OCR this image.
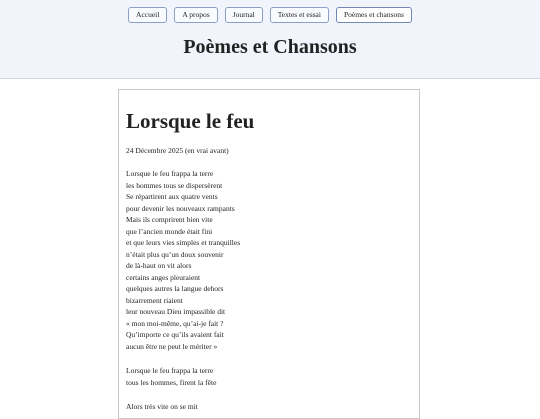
Accueil	A propos	Journal	Textes et essai	Poèmes et chansons
Poèmes et Chansons
Lorsque le feu
24 Décembre 2025 (en vrai avant)
Lorsque le feu frappa la terre
les hommes tous se dispersèrent
Se répartirent aux quatre vents
pour devenir les nouveaux rampants
Mais ils comprirent bien vite
que l’ancien monde était fini
et que leurs vies simples et tranquilles
n’était plus qu’un doux souvenir
de là-haut on vit alors
certains anges pleuraient
quelques autres la langue dehors
bizarrement riaient
leur nouveau Dieu impassible dit
« mon moi-même, qu’ai-je fait ?
Qu’importe ce qu’ils avaient fait
aucun être ne peut le mériter »
Lorsque le feu frappa la terre
tous les hommes, firent la fête
Alors très vite on se mit
